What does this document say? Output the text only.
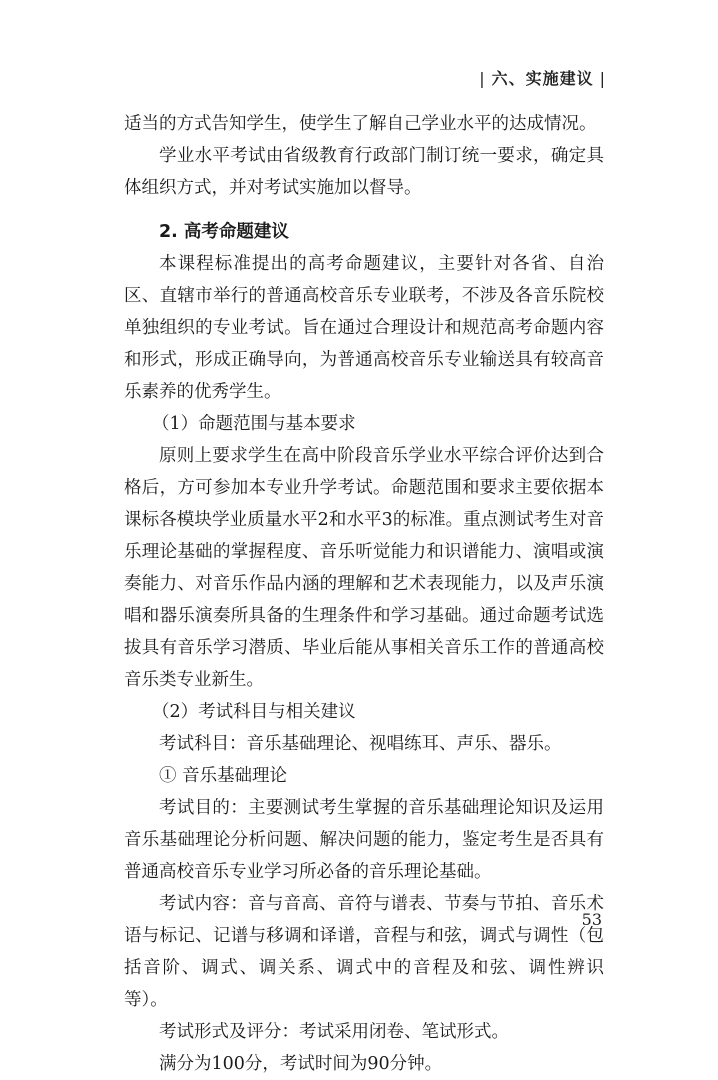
| 六、实施建议 |

适当的方式告知学生，使学生了解自己学业水平的达成情况。

学业水平考试由省级教育行政部门制订统一要求，确定具体组织方式，并对考试实施加以督导。

2. 高考命题建议

本课程标准提出的高考命题建议，主要针对各省、自治区、直辖市举行的普通高校音乐专业联考，不涉及各音乐院校单独组织的专业考试。旨在通过合理设计和规范高考命题内容和形式，形成正确导向，为普通高校音乐专业输送具有较高音乐素养的优秀学生。

（1）命题范围与基本要求

原则上要求学生在高中阶段音乐学业水平综合评价达到合格后，方可参加本专业升学考试。命题范围和要求主要依据本课标各模块学业质量水平2和水平3的标准。重点测试考生对音乐理论基础的掌握程度、音乐听觉能力和识谱能力、演唱或演奏能力、对音乐作品内涵的理解和艺术表现能力，以及声乐演唱和器乐演奏所具备的生理条件和学习基础。通过命题考试选拔具有音乐学习潜质、毕业后能从事相关音乐工作的普通高校音乐类专业新生。

（2）考试科目与相关建议

考试科目：音乐基础理论、视唱练耳、声乐、器乐。

① 音乐基础理论

考试目的：主要测试考生掌握的音乐基础理论知识及运用音乐基础理论分析问题、解决问题的能力，鉴定考生是否具有普通高校音乐专业学习所必备的音乐理论基础。

考试内容：音与音高、音符与谱表、节奏与节拍、音乐术语与标记、记谱与移调和译谱，音程与和弦，调式与调性（包括音阶、调式、调关系、调式中的音程及和弦、调性辨识等）。

考试形式及评分：考试采用闭卷、笔试形式。

满分为100分，考试时间为90分钟。

53
